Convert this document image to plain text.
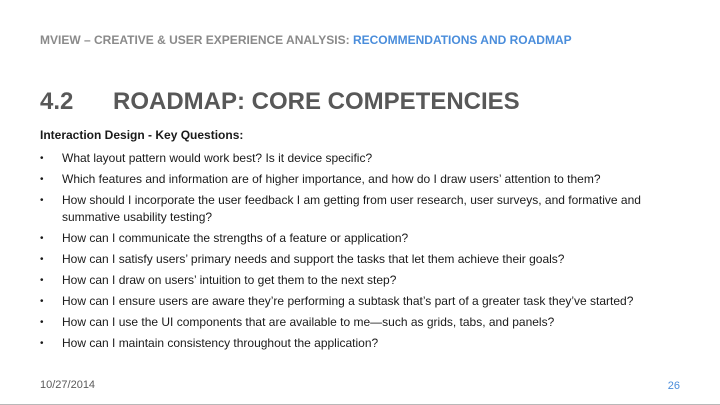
MVIEW – CREATIVE & USER EXPERIENCE ANALYSIS: RECOMMENDATIONS AND ROADMAP
4.2 ROADMAP: CORE COMPETENCIES
Interaction Design - Key Questions:
• What layout pattern would work best? Is it device specific?
• Which features and information are of higher importance, and how do I draw users’ attention to them?
• How should I incorporate the user feedback I am getting from user research, user surveys, and formative and summative usability testing?
• How can I communicate the strengths of a feature or application?
• How can I satisfy users’ primary needs and support the tasks that let them achieve their goals?
• How can I draw on users’ intuition to get them to the next step?
• How can I ensure users are aware they’re performing a subtask that’s part of a greater task they’ve started?
• How can I use the UI components that are available to me—such as grids, tabs, and panels?
• How can I maintain consistency throughout the application?
10/27/2014	26
